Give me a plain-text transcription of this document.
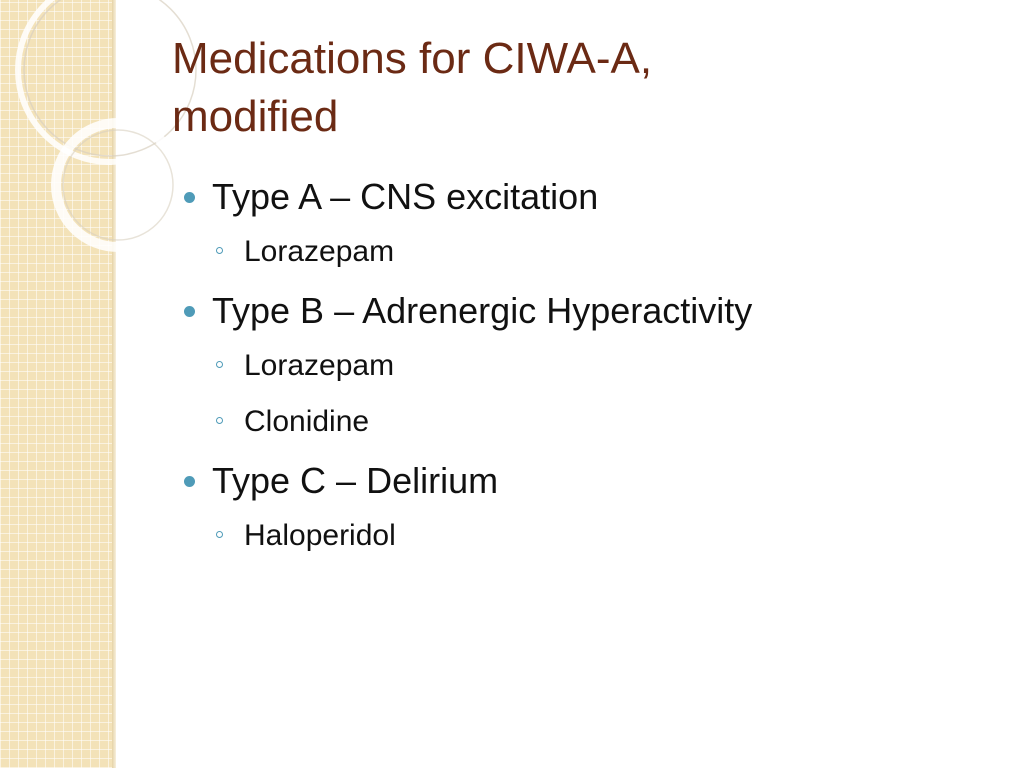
Medications for CIWA-A,
modified
Type A – CNS excitation
Lorazepam
Type B – Adrenergic Hyperactivity
Lorazepam
Clonidine
Type C – Delirium
Haloperidol
